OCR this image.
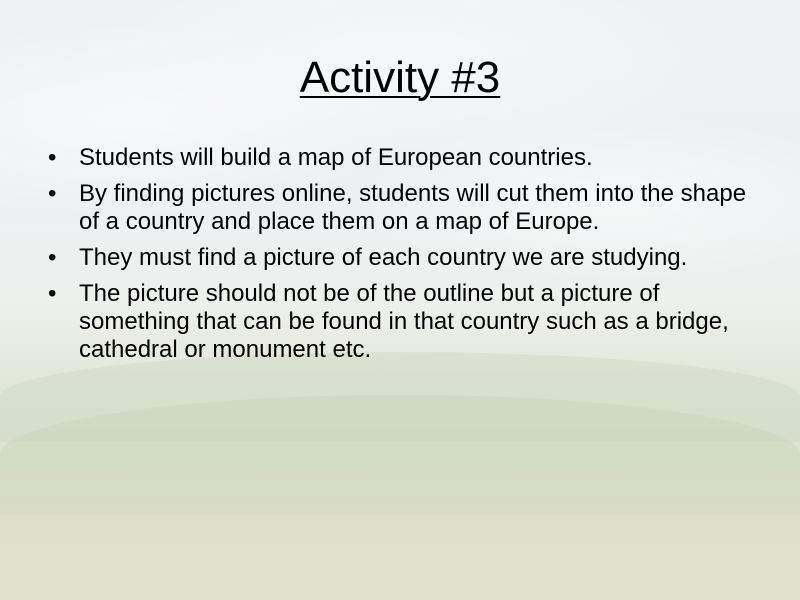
Activity #3
• Students will build a map of European countries.
• By finding pictures online, students will cut them into the shape of a country and place them on a map of Europe.
• They must find a picture of each country we are studying.
• The picture should not be of the outline but a picture of something that can be found in that country such as a bridge, cathedral or monument etc.
